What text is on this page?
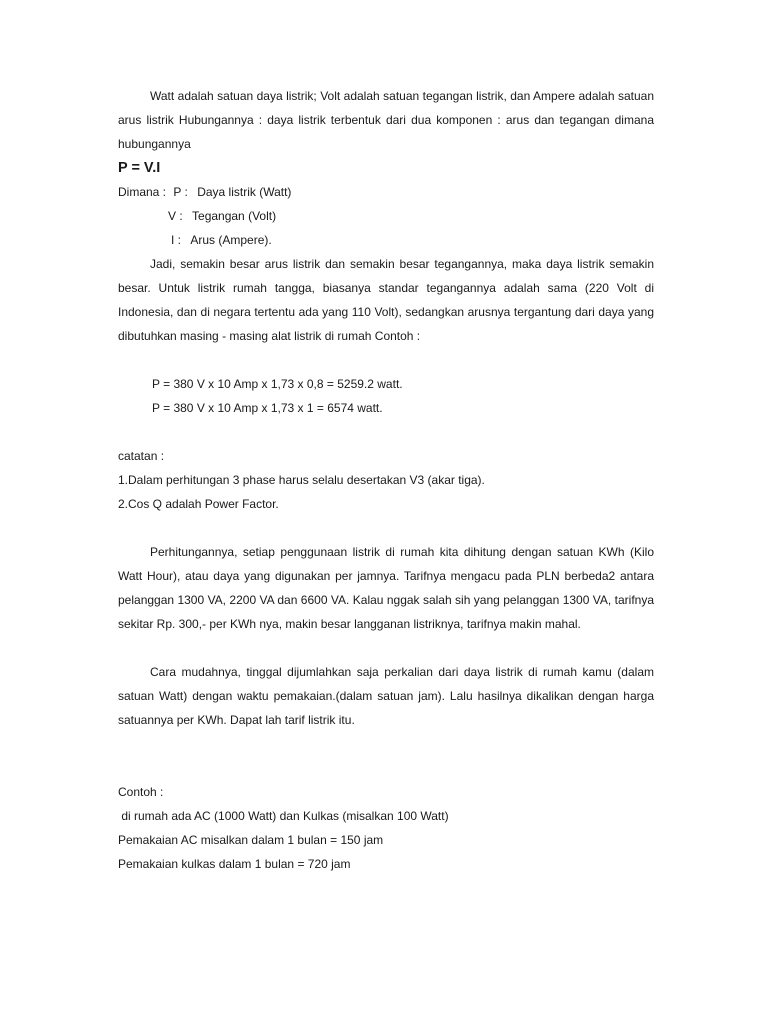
Watt adalah satuan daya listrik; Volt adalah satuan tegangan listrik, dan Ampere adalah satuan arus listrik Hubungannya : daya listrik terbentuk dari dua komponen : arus dan tegangan dimana hubungannya

P = V.I

Dimana : P : Daya listrik (Watt)

V : Tegangan (Volt)

I : Arus (Ampere).

Jadi, semakin besar arus listrik dan semakin besar tegangannya, maka daya listrik semakin besar. Untuk listrik rumah tangga, biasanya standar tegangannya adalah sama (220 Volt di Indonesia, dan di negara tertentu ada yang 110 Volt), sedangkan arusnya tergantung dari daya yang dibutuhkan masing - masing alat listrik di rumah Contoh :

P = 380 V x 10 Amp x 1,73 x 0,8 = 5259.2 watt.

P = 380 V x 10 Amp x 1,73 x 1 = 6574 watt.

catatan :

1.Dalam perhitungan 3 phase harus selalu desertakan V3 (akar tiga).

2.Cos Q adalah Power Factor.

Perhitungannya, setiap penggunaan listrik di rumah kita dihitung dengan satuan KWh (Kilo Watt Hour), atau daya yang digunakan per jamnya. Tarifnya mengacu pada PLN berbeda2 antara pelanggan 1300 VA, 2200 VA dan 6600 VA. Kalau nggak salah sih yang pelanggan 1300 VA, tarifnya sekitar Rp. 300,- per KWh nya, makin besar langganan listriknya, tarifnya makin mahal.

Cara mudahnya, tinggal dijumlahkan saja perkalian dari daya listrik di rumah kamu (dalam satuan Watt) dengan waktu pemakaian.(dalam satuan jam). Lalu hasilnya dikalikan dengan harga satuannya per KWh. Dapat lah tarif listrik itu.

Contoh :

di rumah ada AC (1000 Watt) dan Kulkas (misalkan 100 Watt)

Pemakaian AC misalkan dalam 1 bulan = 150 jam

Pemakaian kulkas dalam 1 bulan = 720 jam
